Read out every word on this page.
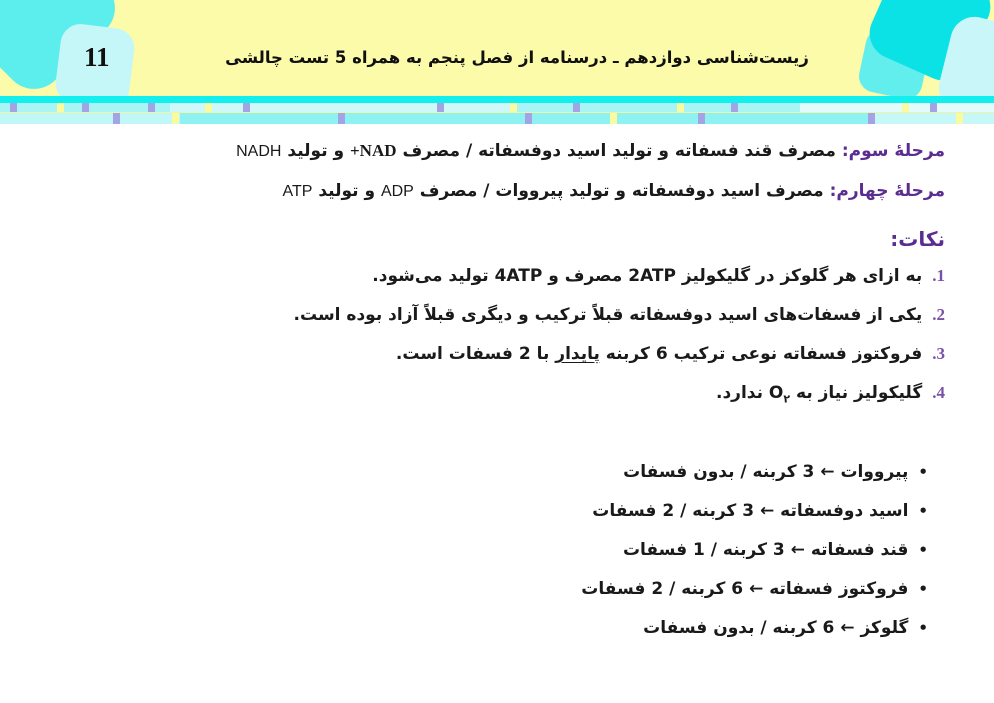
11	زیست‌شناسی دوازدهم ـ درسنامه از فصل پنجم به همراه 5 تست چالشی
مرحلۀ سوم: مصرف قند فسفاته و تولید اسید دوفسفاته / مصرف NAD+ و تولید NADH
مرحلۀ چهارم: مصرف اسید دوفسفاته و تولید پیرووات / مصرف ADP و تولید ATP
نکات:
1.به ازای هر گلوکز در گلیکولیز 2ATP مصرف و 4ATP تولید می‌شود.
2.یکی از فسفات‌های اسید دوفسفاته قبلاً ترکیب و دیگری قبلاً آزاد بوده است.
3.فروکتوز فسفاته نوعی ترکیب 6 کربنه پایدار با 2 فسفات است.
4.گلیکولیز نیاز به $O_۲$ ندارد.
•پیرووات ← 3 کربنه / بدون فسفات
•اسید دوفسفاته ← 3 کربنه / 2 فسفات
•قند فسفاته ← 3 کربنه / 1 فسفات
•فروکتوز فسفاته ← 6 کربنه / 2 فسفات
•گلوکز ← 6 کربنه / بدون فسفات
